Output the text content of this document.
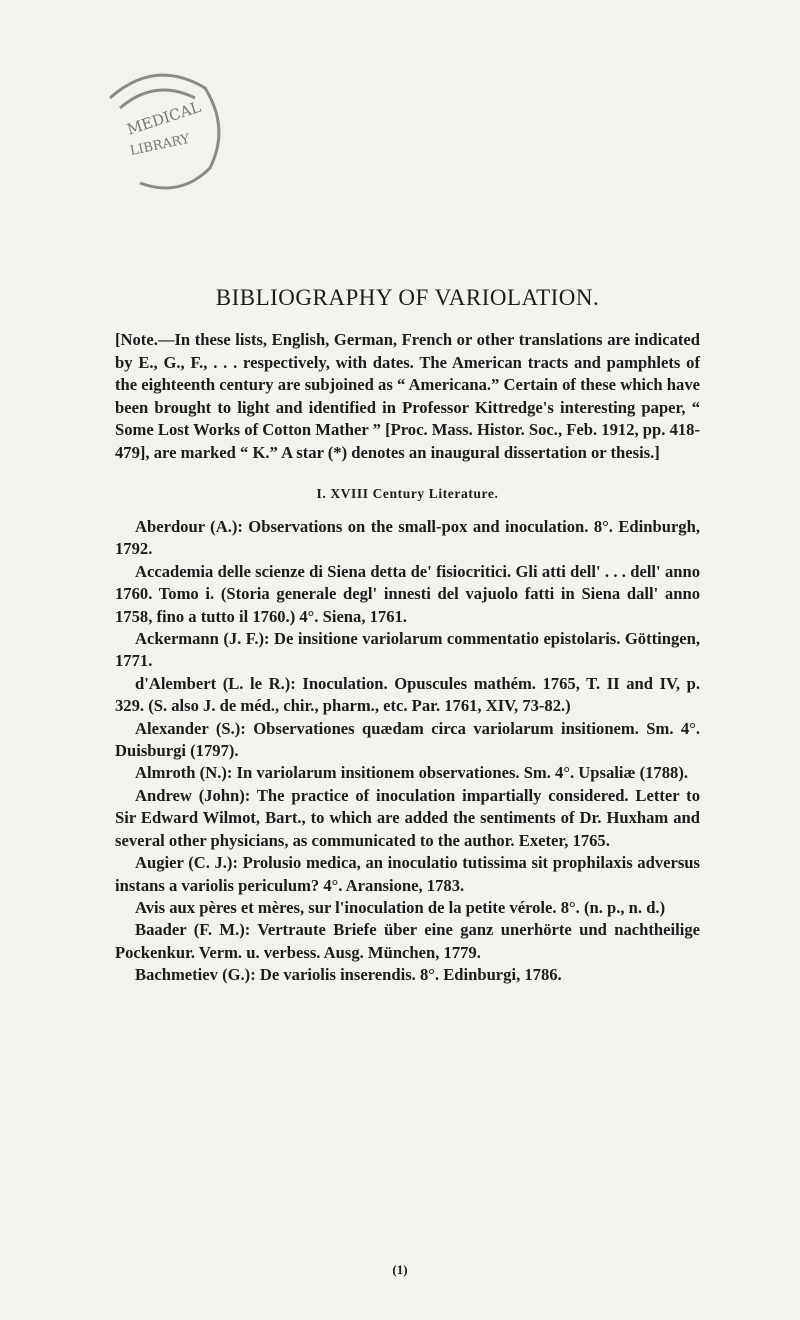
MEDICAL
LIBRARY
BIBLIOGRAPHY OF VARIOLATION.

[Note.—In these lists, English, German, French or other translations are indicated by E., G., F., . . . respectively, with dates. The American tracts and pamphlets of the eighteenth century are subjoined as “ Americana.” Certain of these which have been brought to light and identified in Professor Kittredge's interesting paper, “ Some Lost Works of Cotton Mather ” [Proc. Mass. Histor. Soc., Feb. 1912, pp. 418-479], are marked “ K.” A star (*) denotes an inaugural dissertation or thesis.]

I. XVIII Century Literature.

Aberdour (A.): Observations on the small-pox and inoculation. 8°. Edinburgh, 1792.

Accademia delle scienze di Siena detta de' fisiocritici. Gli atti dell' . . . dell' anno 1760. Tomo i. (Storia generale degl' innesti del vajuolo fatti in Siena dall' anno 1758, fino a tutto il 1760.) 4°. Siena, 1761.

Ackermann (J. F.): De insitione variolarum commentatio epistolaris. Göttingen, 1771.

d'Alembert (L. le R.): Inoculation. Opuscules mathém. 1765, T. II and IV, p. 329. (S. also J. de méd., chir., pharm., etc. Par. 1761, XIV, 73-82.)

Alexander (S.): Observationes quædam circa variolarum insitionem. Sm. 4°. Duisburgi (1797).

Almroth (N.): In variolarum insitionem observationes. Sm. 4°. Upsaliæ (1788).

Andrew (John): The practice of inoculation impartially considered. Letter to Sir Edward Wilmot, Bart., to which are added the sentiments of Dr. Huxham and several other physicians, as communicated to the author. Exeter, 1765.

Augier (C. J.): Prolusio medica, an inoculatio tutissima sit prophilaxis adversus instans a variolis periculum? 4°. Aransione, 1783.

Avis aux pères et mères, sur l'inoculation de la petite vérole. 8°. (n. p., n. d.)

Baader (F. M.): Vertraute Briefe über eine ganz unerhörte und nachtheilige Pockenkur. Verm. u. verbess. Ausg. München, 1779.

Bachmetiev (G.): De variolis inserendis. 8°. Edinburgi, 1786.

(1)
